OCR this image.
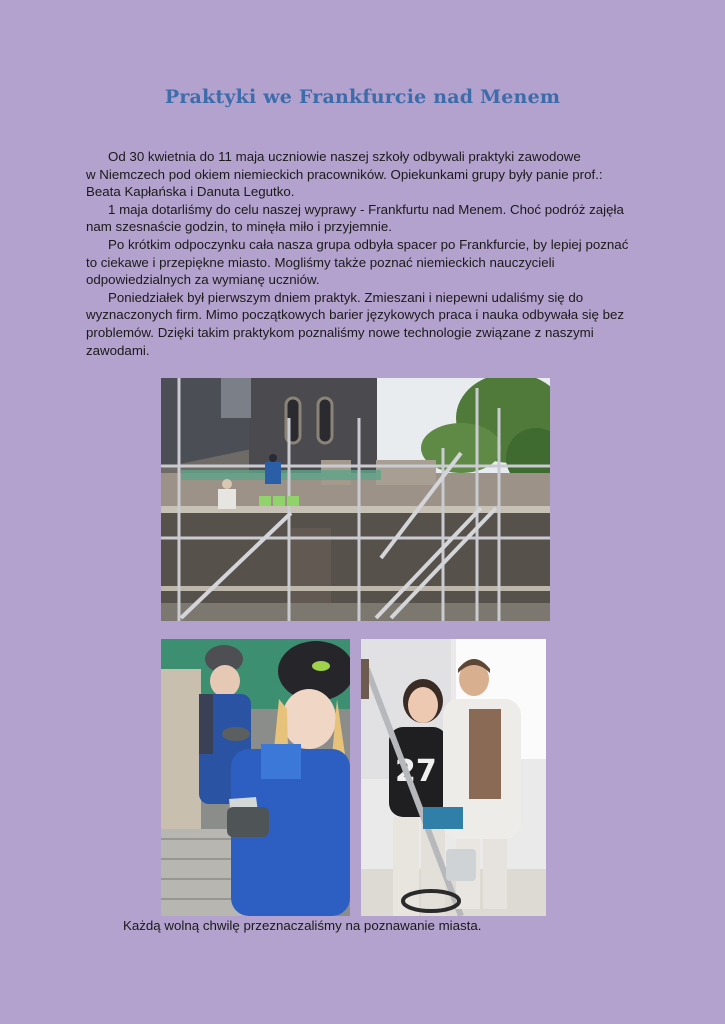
Praktyki we Frankfurcie nad Menem

Od 30 kwietnia do 11 maja uczniowie naszej szkoły odbywali praktyki zawodowe

w Niemczech pod okiem niemieckich pracowników. Opiekunkami grupy były panie prof.: Beata Kapłańska i Danuta Legutko.

1 maja dotarliśmy do celu naszej wyprawy - Frankfurtu nad Menem. Choć podróż zajęła nam szesnaście godzin, to minęła miło i przyjemnie.

Po krótkim odpoczynku cała nasza grupa odbyła spacer po Frankfurcie, by lepiej poznać to ciekawe i przepiękne miasto. Mogliśmy także poznać niemieckich nauczycieli odpowiedzialnych za wymianę uczniów.

Poniedziałek był pierwszym dniem praktyk. Zmieszani i niepewni udaliśmy się do wyznaczonych firm. Mimo początkowych barier językowych praca i nauka odbywała się bez problemów. Dzięki takim praktykom poznaliśmy nowe technologie związane z naszymi zawodami.

27
Każdą wolną chwilę przeznaczaliśmy na poznawanie miasta.
